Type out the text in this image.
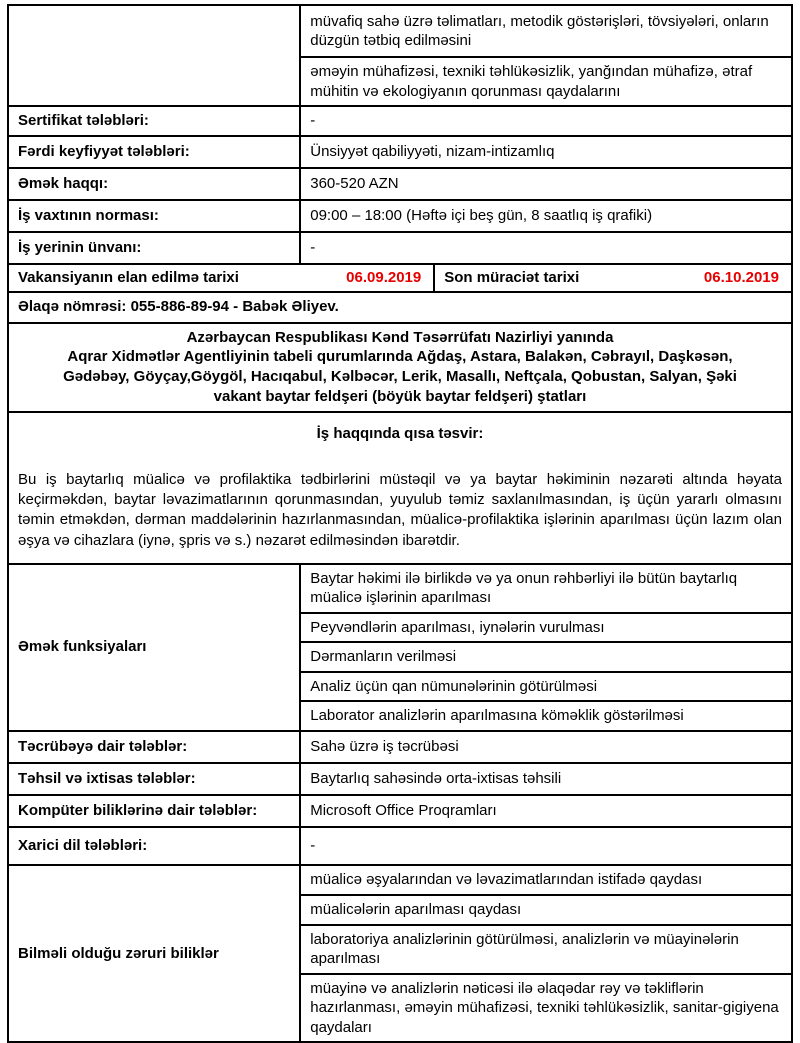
	müvafiq sahə üzrə təlimatları, metodik göstərişləri, tövsiyələri, onların düzgün tətbiq edilməsini	
	əməyin mühafizəsi, texniki təhlükəsizlik, yanğından mühafizə, ətraf mühitin və ekologiyanın qorunması qaydalarını	
Sertifikat tələbləri:	-	
Fərdi keyfiyyət tələbləri:	Ünsiyyət qabiliyyəti, nizam-intizamlıq	
Əmək haqqı:	360-520 AZN	
İş vaxtının norması:	09:00 – 18:00 (Həftə içi beş gün, 8 saatlıq iş qrafiki)	
İş yerinin ünvanı:	-	

Vakansiyanın elan edilmə tarixi 06.09.2019		Son müraciət tarixi 06.10.2019

Əlaqə nömrəsi: 055-886-89-94 - Babək Əliyev.		

Azərbaycan Respublikası Kənd Təsərrüfatı Nazirliyi yanında
Aqrar Xidmətlər Agentliyinin tabeli qurumlarında Ağdaş, Astara, Balakən, Cəbrayıl, Daşkəsən,
Gədəbəy, Göyçay,Göygöl, Hacıqabul, Kəlbəcər, Lerik, Masallı, Neftçala, Qobustan, Salyan, Şəki
vakant baytar feldşeri (böyük baytar feldşeri) ştatları		

İş haqqında qısa təsvir:

Bu iş baytarlıq müalicə və profilaktika tədbirlərini müstəqil və ya baytar həkiminin nəzarəti altında həyata keçirməkdən, baytar ləvazimatlarının qorunmasından, yuyulub təmiz saxlanılmasından, iş üçün yararlı olmasını təmin etməkdən, dərman maddələrinin hazırlanmasından, müalicə-profilaktika işlərinin aparılması üçün lazım olan əşya və cihazlara (iynə, şpris və s.) nəzarət edilməsindən ibarətdir.		

Əmək funksiyaları	Baytar həkimi ilə birlikdə və ya onun rəhbərliyi ilə bütün baytarlıq müalicə işlərinin aparılması	
	Peyvəndlərin aparılması, iynələrin vurulması	
	Dərmanların verilməsi	
	Analiz üçün qan nümunələrinin götürülməsi	
	Laborator analizlərin aparılmasına köməklik göstərilməsi	
Təcrübəyə dair tələblər:	Sahə üzrə iş təcrübəsi	
Təhsil və ixtisas tələblər:	Baytarlıq sahəsində orta-ixtisas təhsili	
Kompüter biliklərinə dair tələblər:	Microsoft Office Proqramları	
Xarici dil tələbləri:	-	
Bilməli olduğu zəruri biliklər	müalicə əşyalarından və ləvazimatlarından istifadə qaydası	
	müalicələrin aparılması qaydası	
	laboratoriya analizlərinin götürülməsi, analizlərin və müayinələrin aparılması	
	müayinə və analizlərin nəticəsi ilə əlaqədar rəy və təkliflərin hazırlanması, əməyin mühafizəsi, texniki təhlükəsizlik, sanitar-gigiyena qaydaları	
